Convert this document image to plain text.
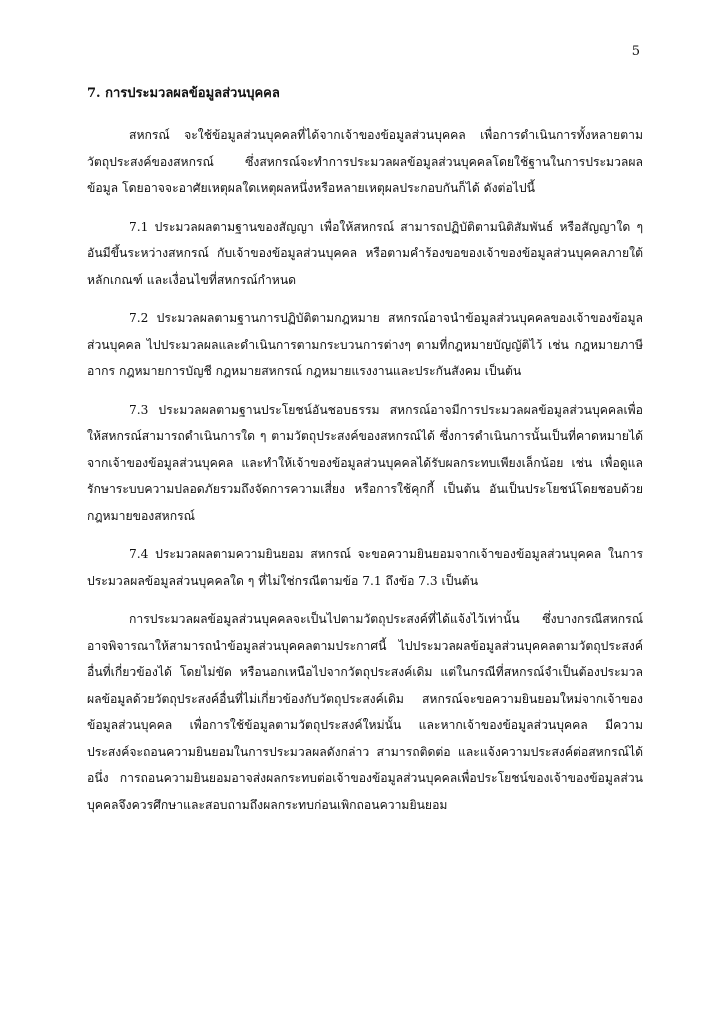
5
7. การประมวลผลข้อมูลส่วนบุคคล

สหกรณ์ จะใช้ข้อมูลส่วนบุคคลที่ได้จากเจ้าของข้อมูลส่วนบุคคล เพื่อการดำเนินการทั้งหลายตามวัตถุประสงค์ของสหกรณ์ ซึ่งสหกรณ์จะทำการประมวลผลข้อมูลส่วนบุคคลโดยใช้ฐานในการประมวลผลข้อมูล โดยอาจจะอาศัยเหตุผลใดเหตุผลหนึ่งหรือหลายเหตุผลประกอบกันก็ได้ ดังต่อไปนี้

7.1 ประมวลผลตามฐานของสัญญา เพื่อให้สหกรณ์ สามารถปฏิบัติตามนิติสัมพันธ์ หรือสัญญาใด ๆ อันมีขึ้นระหว่างสหกรณ์ กับเจ้าของข้อมูลส่วนบุคคล หรือตามคำร้องขอของเจ้าของข้อมูลส่วนบุคคลภายใต้หลักเกณฑ์ และเงื่อนไขที่สหกรณ์กำหนด

7.2 ประมวลผลตามฐานการปฏิบัติตามกฎหมาย สหกรณ์อาจนำข้อมูลส่วนบุคคลของเจ้าของข้อมูลส่วนบุคคล ไปประมวลผลและดำเนินการตามกระบวนการต่างๆ ตามที่กฎหมายบัญญัติไว้ เช่น กฎหมายภาษีอากร กฎหมายการบัญชี กฎหมายสหกรณ์ กฎหมายแรงงานและประกันสังคม เป็นต้น

7.3 ประมวลผลตามฐานประโยชน์อันชอบธรรม สหกรณ์อาจมีการประมวลผลข้อมูลส่วนบุคคลเพื่อให้สหกรณ์สามารถดำเนินการใด ๆ ตามวัตถุประสงค์ของสหกรณ์ได้ ซึ่งการดำเนินการนั้นเป็นที่คาดหมายได้ จากเจ้าของข้อมูลส่วนบุคคล และทำให้เจ้าของข้อมูลส่วนบุคคลได้รับผลกระทบเพียงเล็กน้อย เช่น เพื่อดูแลรักษาระบบความปลอดภัยรวมถึงจัดการความเสี่ยง หรือการใช้คุกกี้ เป็นต้น อันเป็นประโยชน์โดยชอบด้วยกฎหมายของสหกรณ์

7.4 ประมวลผลตามความยินยอม สหกรณ์ จะขอความยินยอมจากเจ้าของข้อมูลส่วนบุคคล ในการประมวลผลข้อมูลส่วนบุคคลใด ๆ ที่ไม่ใช่กรณีตามข้อ 7.1 ถึงข้อ 7.3 เป็นต้น

การประมวลผลข้อมูลส่วนบุคคลจะเป็นไปตามวัตถุประสงค์ที่ได้แจ้งไว้เท่านั้น ซึ่งบางกรณีสหกรณ์อาจพิจารณาให้สามารถนำข้อมูลส่วนบุคคลตามประกาศนี้ ไปประมวลผลข้อมูลส่วนบุคคลตามวัตถุประสงค์อื่นที่เกี่ยวข้องได้ โดยไม่ขัด หรือนอกเหนือไปจากวัตถุประสงค์เดิม แต่ในกรณีที่สหกรณ์จำเป็นต้องประมวลผลข้อมูลด้วยวัตถุประสงค์อื่นที่ไม่เกี่ยวข้องกับวัตถุประสงค์เดิม สหกรณ์จะขอความยินยอมใหม่จากเจ้าของข้อมูลส่วนบุคคล เพื่อการใช้ข้อมูลตามวัตถุประสงค์ใหม่นั้น และหากเจ้าของข้อมูลส่วนบุคคล มีความประสงค์จะถอนความยินยอมในการประมวลผลดังกล่าว สามารถติดต่อ และแจ้งความประสงค์ต่อสหกรณ์ได้ อนึ่ง การถอนความยินยอมอาจส่งผลกระทบต่อเจ้าของข้อมูลส่วนบุคคลเพื่อประโยชน์ของเจ้าของข้อมูลส่วนบุคคลจึงควรศึกษาและสอบถามถึงผลกระทบก่อนเพิกถอนความยินยอม
